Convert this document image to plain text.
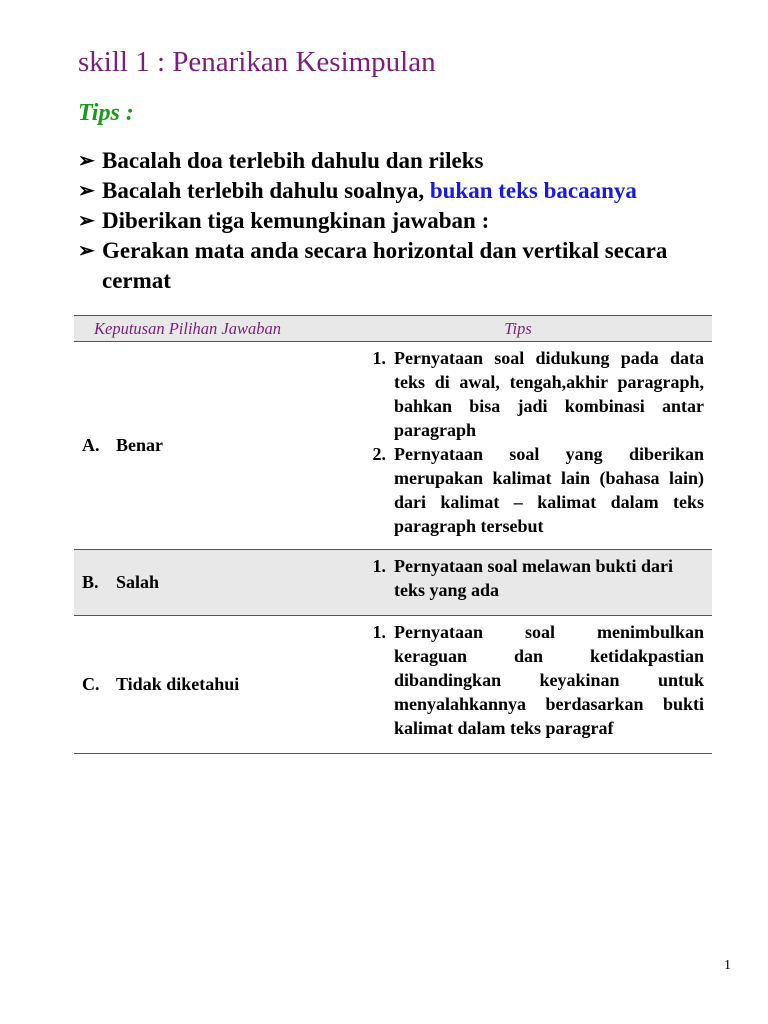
skill 1 : Penarikan Kesimpulan
Tips :
➢ Bacalah doa terlebih dahulu dan rileks
➢ Bacalah terlebih dahulu soalnya, bukan teks bacaanya
➢ Diberikan tiga kemungkinan jawaban :
➢ Gerakan mata anda secara horizontal dan vertikal secara cermat
Keputusan Pilihan Jawaban	Tips
A. Benar
1. Pernyataan soal didukung pada data teks di awal, tengah,akhir paragraph, bahkan bisa jadi kombinasi antar paragraph
2. Pernyataan soal yang diberikan merupakan kalimat lain (bahasa lain) dari kalimat – kalimat dalam teks paragraph tersebut
B. Salah
1. Pernyataan soal melawan bukti dari teks yang ada
C. Tidak diketahui
1. Pernyataan soal menimbulkan keraguan dan ketidakpastian dibandingkan keyakinan untuk menyalahkannya berdasarkan bukti kalimat dalam teks paragraf
1
